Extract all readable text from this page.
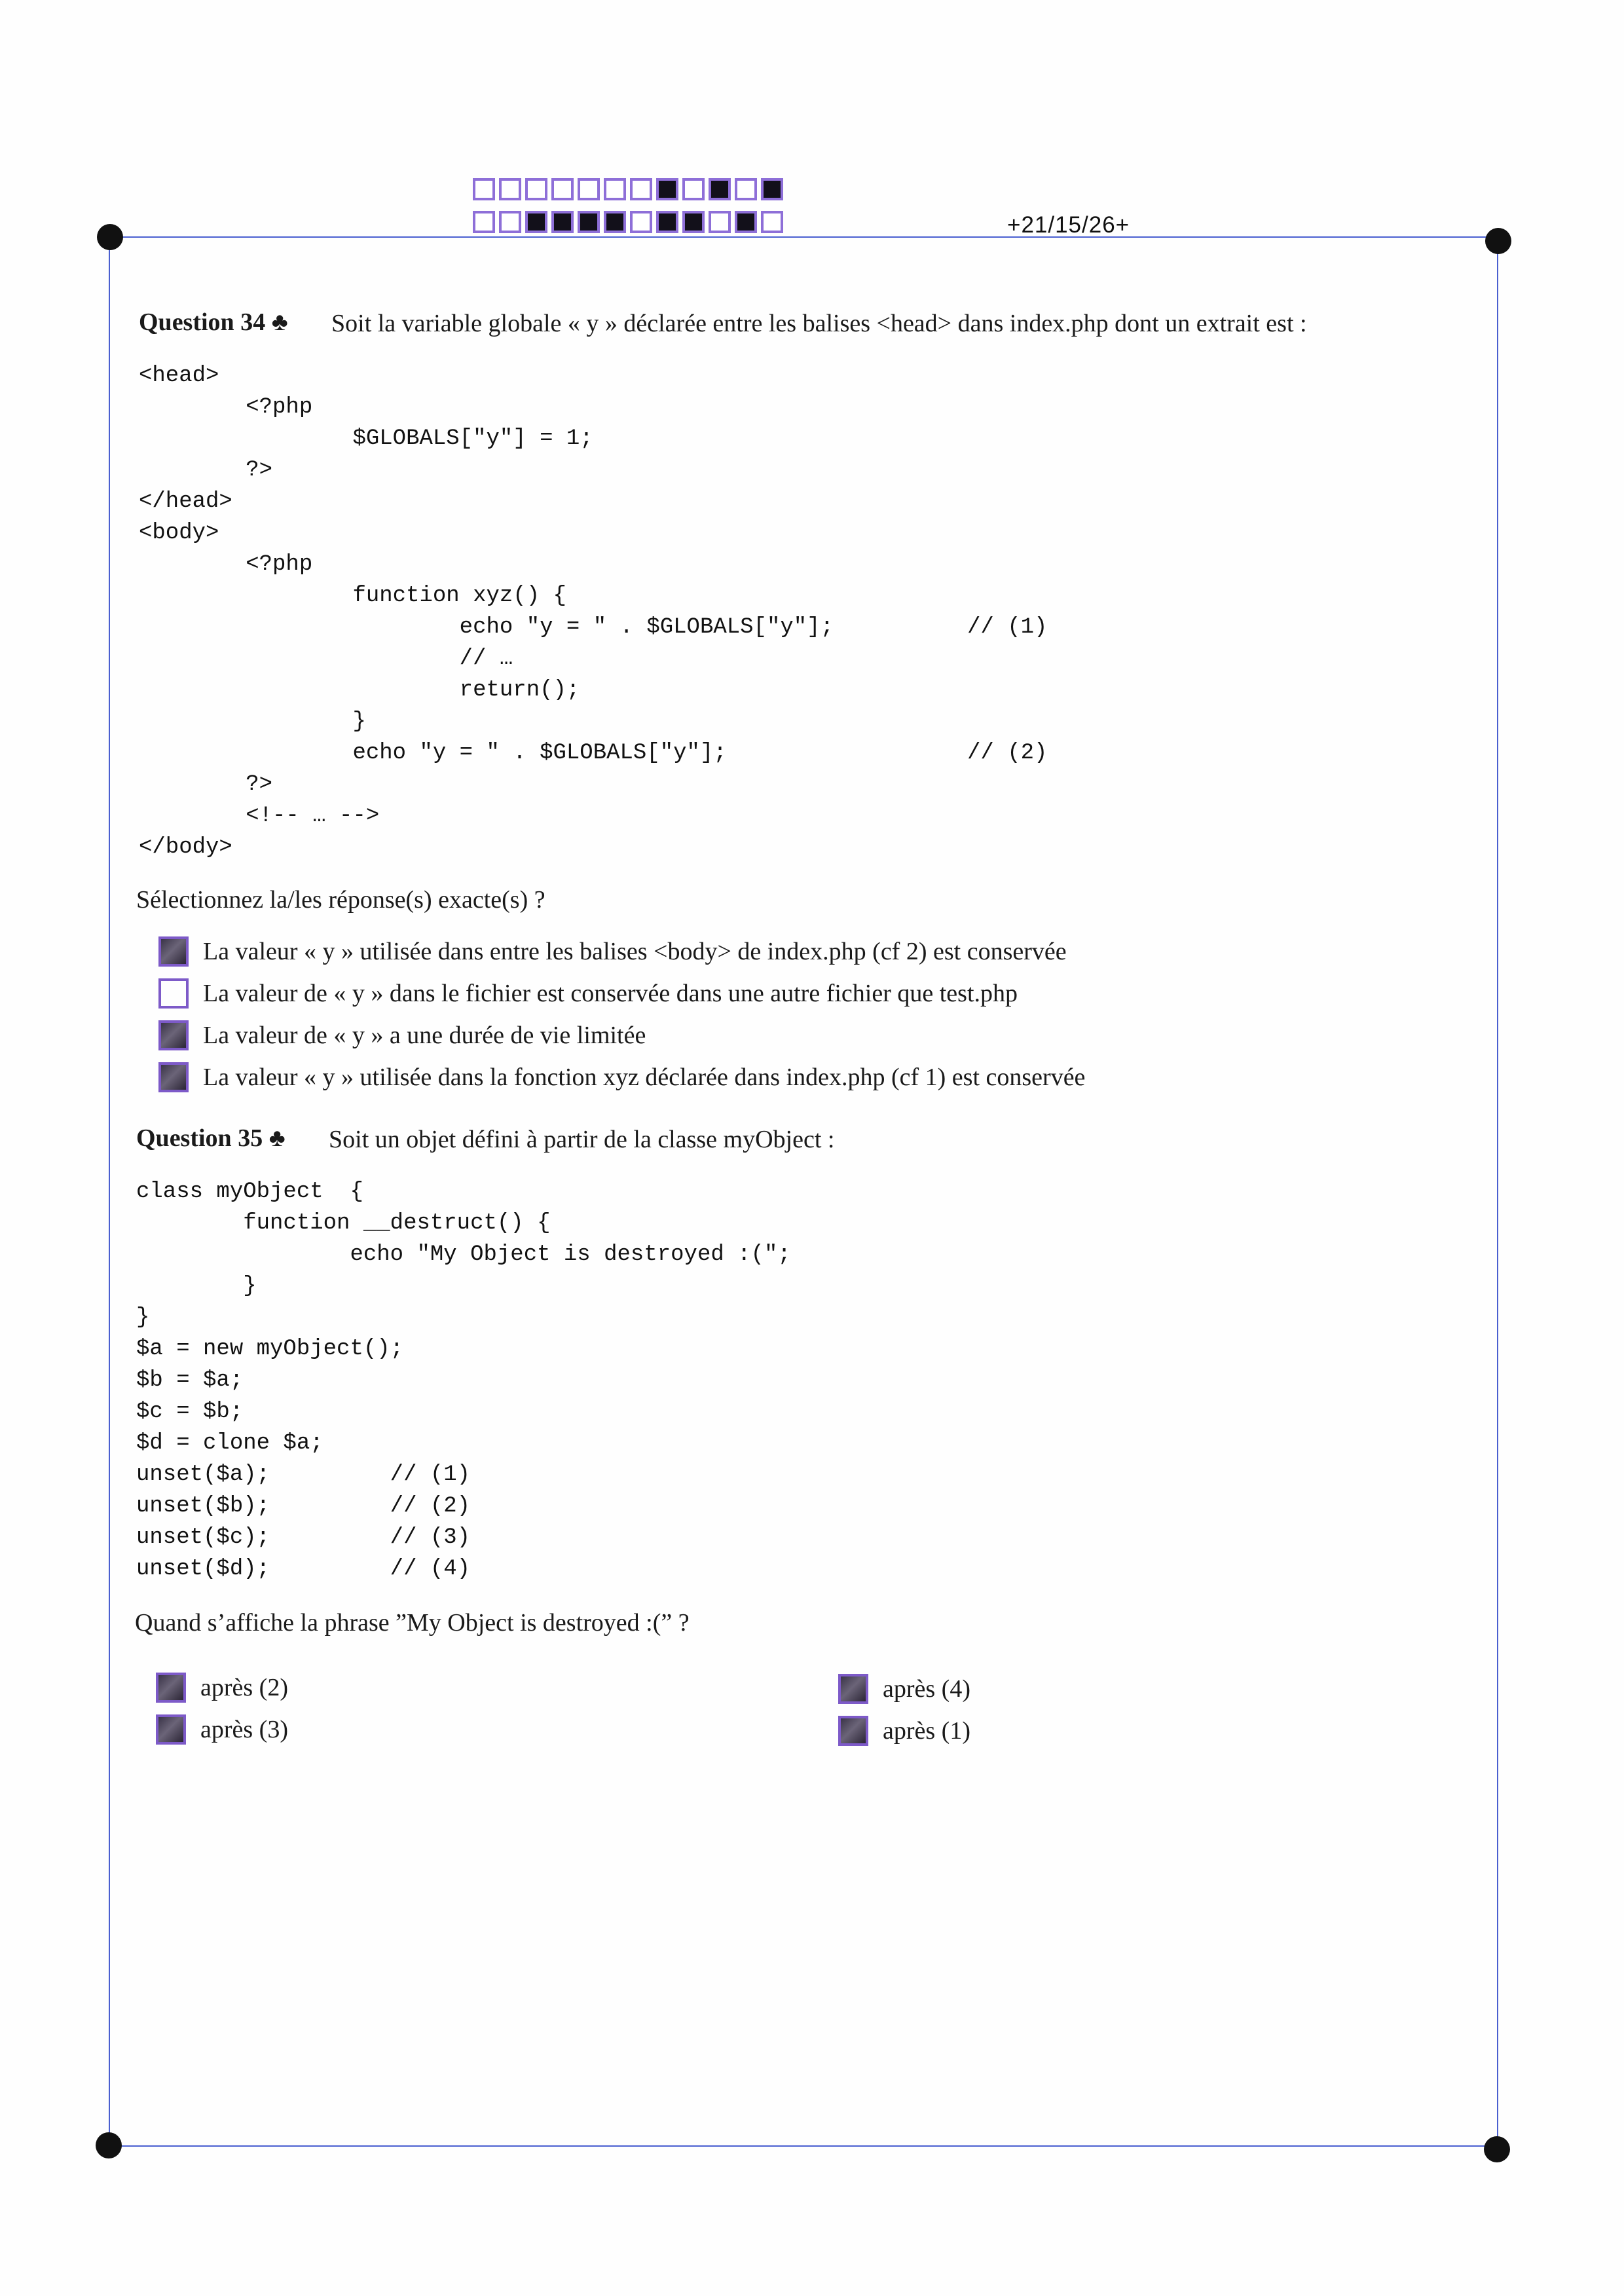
+21/15/26+
Question 34 ♣ Soit la variable globale « y » déclarée entre les balises <head> dans index.php dont un extrait est :
<head>
<?php
$GLOBALS["y"] = 1;
?>
</head>
<body>
<?php
function xyz() {
echo "y = " . $GLOBALS["y"];          // (1)
// …
return();
}
echo "y = " . $GLOBALS["y"];                  // (2)
?>
<!-- … -->
</body>
Sélectionnez la/les réponse(s) exacte(s) ?
La valeur « y » utilisée dans entre les balises <body> de index.php (cf 2) est conservée
La valeur de « y » dans le fichier est conservée dans une autre fichier que test.php
La valeur de « y » a une durée de vie limitée
La valeur « y » utilisée dans la fonction xyz déclarée dans index.php (cf 1) est conservée
Question 35 ♣ Soit un objet défini à partir de la classe myObject :
class myObject  {
function __destruct() {
echo "My Object is destroyed :(";
}
}
$a = new myObject();
$b = $a;
$c = $b;
$d = clone $a;
unset($a);         // (1)
unset($b);         // (2)
unset($c);         // (3)
unset($d);         // (4)
Quand s’affiche la phrase ”My Object is destroyed :(” ?
après (2)
après (3)
après (4)
après (1)
